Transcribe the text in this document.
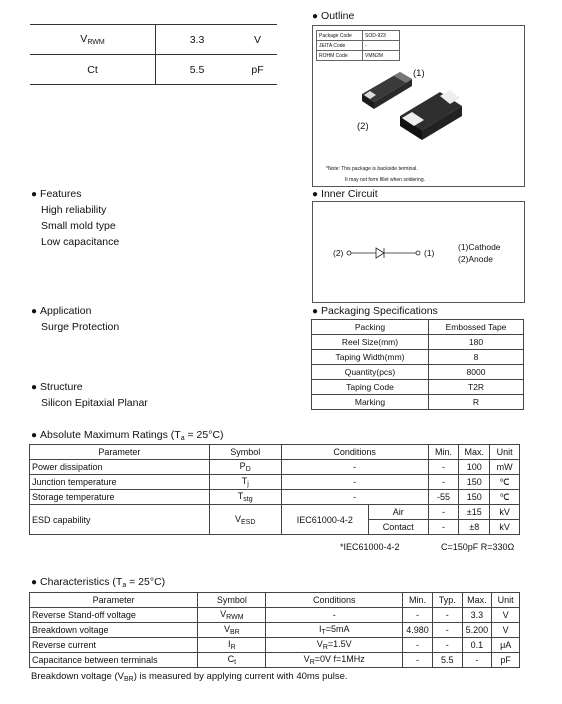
$V_{RWM}$	3.3	V
Ct	5.5	pF
● Outline
Package Code	SOD-923
JEITA Code	-
ROHM Code	VMN2M
(1)
(2)
*Note: This package is backside terminal.
It may not form fillet when soldering.
● Features
High reliability
Small mold type
Low capacitance
● Inner Circuit
(2)	(1)
(1)Cathode
(2)Anode
● Application
Surge Protection
● Packaging Specifications
Packing	Embossed Tape
Reel Size(mm)	180
Taping Width(mm)	8
Quantity(pcs)	8000
Taping Code	T2R
Marking	R
● Structure
Silicon Epitaxial Planar
● Absolute Maximum Ratings $(T_a = 25^\circ C)$
Parameter	Symbol	Conditions		Min.	Max.	Unit
Power dissipation	$P_D$	-		-	100	mW
Junction temperature	$T_j$	-		-	150	℃
Storage temperature	$T_{stg}$	-		-55	150	℃
ESD capability	$V_{ESD}$	IEC61000-4-2	Air	-	±15	kV
			Contact	-	±8	kV
*IEC61000-4-2	C=150pF R=330Ω
● Characteristics $(T_a = 25^\circ C)$
Parameter	Symbol	Conditions	Min.	Typ.	Max.	Unit
Reverse Stand-off voltage	$V_{RWM}$	-	-	-	3.3	V
Breakdown voltage	$V_{BR}$	$I_T=5mA$	4.980	-	5.200	V
Reverse current	$I_R$	$V_R=1.5V$	-	-	0.1	μA
Capacitance between terminals	$C_t$	$V_R=0V$ f=1MHz	-	5.5	-	pF
Breakdown voltage $(V_{BR})$ is measured by applying current with 40ms pulse.
